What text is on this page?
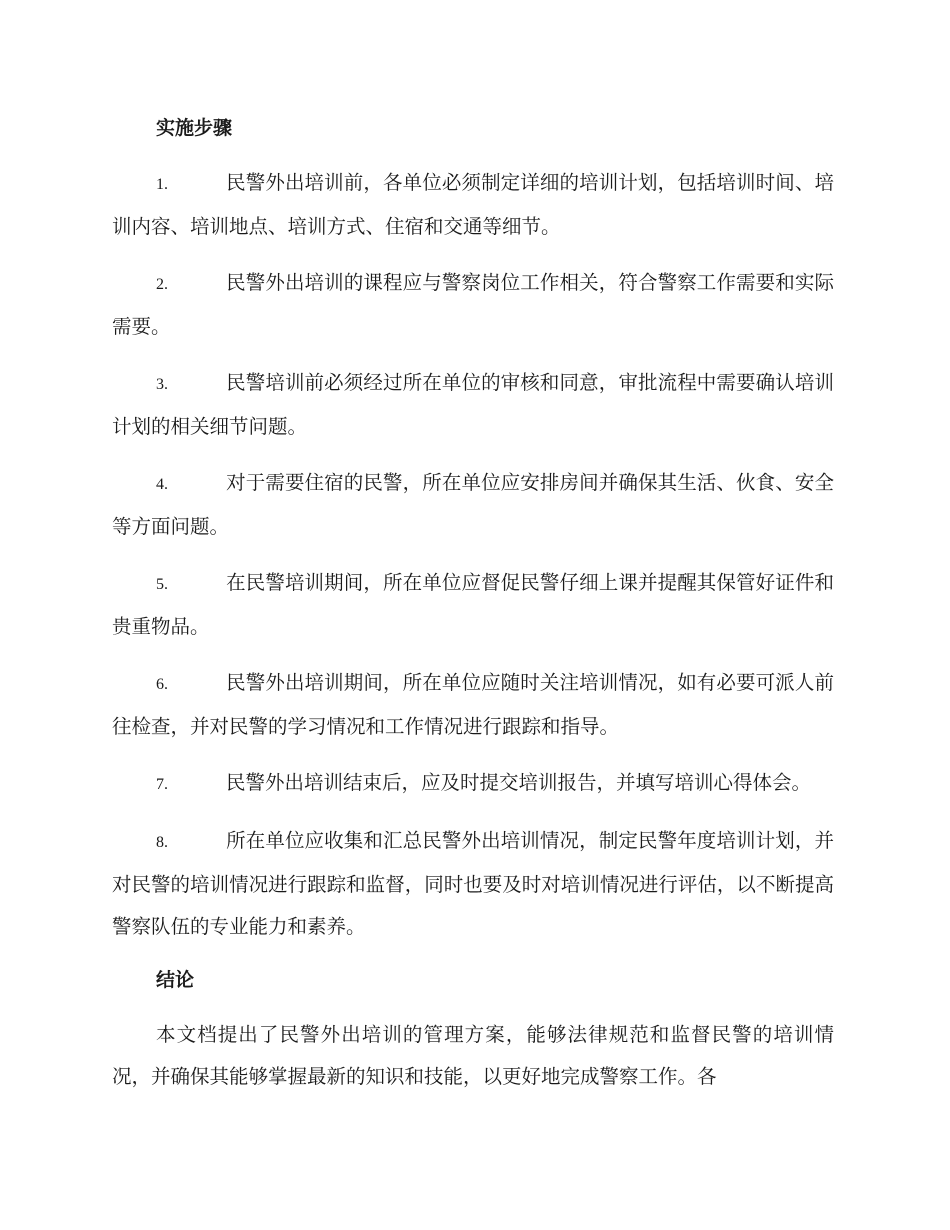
实施步骤
1.	民警外出培训前，各单位必须制定详细的培训计划，包括培训时间、培训内容、培训地点、培训方式、住宿和交通等细节。
2.	民警外出培训的课程应与警察岗位工作相关，符合警察工作需要和实际需要。
3.	民警培训前必须经过所在单位的审核和同意，审批流程中需要确认培训计划的相关细节问题。
4.	对于需要住宿的民警，所在单位应安排房间并确保其生活、伙食、安全等方面问题。
5.	在民警培训期间，所在单位应督促民警仔细上课并提醒其保管好证件和贵重物品。
6.	民警外出培训期间，所在单位应随时关注培训情况，如有必要可派人前往检查，并对民警的学习情况和工作情况进行跟踪和指导。
7.	民警外出培训结束后，应及时提交培训报告，并填写培训心得体会。
8.	所在单位应收集和汇总民警外出培训情况，制定民警年度培训计划，并对民警的培训情况进行跟踪和监督，同时也要及时对培训情况进行评估，以不断提高警察队伍的专业能力和素养。
结论

本文档提出了民警外出培训的管理方案，能够法律规范和监督民警的培训情况，并确保其能够掌握最新的知识和技能，以更好地完成警察工作。各
